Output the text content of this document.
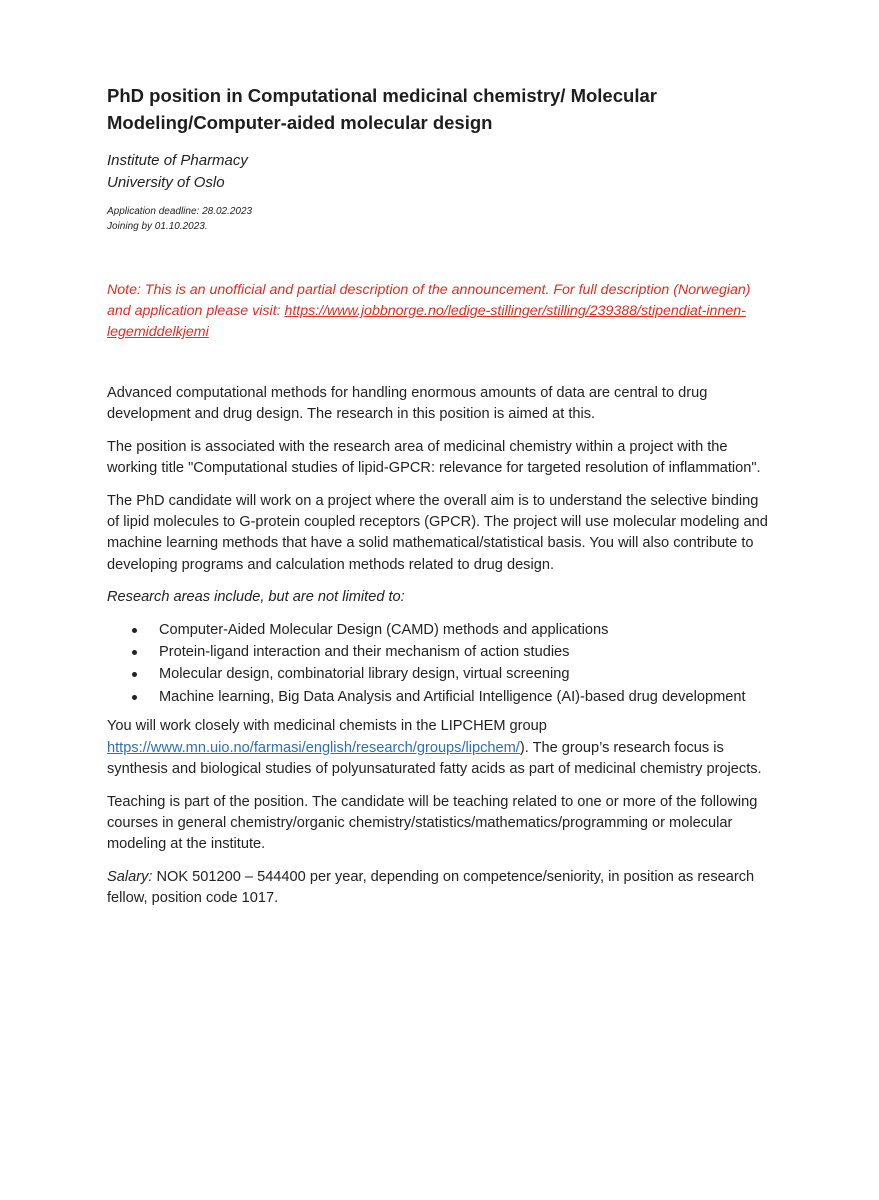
PhD position in Computational medicinal chemistry/ Molecular Modeling/Computer-aided molecular design
Institute of Pharmacy
University of Oslo
Application deadline: 28.02.2023
Joining by 01.10.2023.
Note: This is an unofficial and partial description of the announcement. For full description (Norwegian) and application please visit: https://www.jobbnorge.no/ledige-stillinger/stilling/239388/stipendiat-innen-legemiddelkjemi

Advanced computational methods for handling enormous amounts of data are central to drug development and drug design. The research in this position is aimed at this.

The position is associated with the research area of medicinal chemistry within a project with the working title "Computational studies of lipid-GPCR: relevance for targeted resolution of inflammation".

The PhD candidate will work on a project where the overall aim is to understand the selective binding of lipid molecules to G-protein coupled receptors (GPCR). The project will use molecular modeling and machine learning methods that have a solid mathematical/statistical basis. You will also contribute to developing programs and calculation methods related to drug design.

Research areas include, but are not limited to:

Computer-Aided Molecular Design (CAMD) methods and applications
Protein-ligand interaction and their mechanism of action studies
Molecular design, combinatorial library design, virtual screening
Machine learning, Big Data Analysis and Artificial Intelligence (AI)-based drug development

You will work closely with medicinal chemists in the LIPCHEM group https://www.mn.uio.no/farmasi/english/research/groups/lipchem/). The group’s research focus is synthesis and biological studies of polyunsaturated fatty acids as part of medicinal chemistry projects.

Teaching is part of the position. The candidate will be teaching related to one or more of the following courses in general chemistry/organic chemistry/statistics/mathematics/programming or molecular modeling at the institute.

Salary: NOK 501200 – 544400 per year, depending on competence/seniority, in position as research fellow, position code 1017.
